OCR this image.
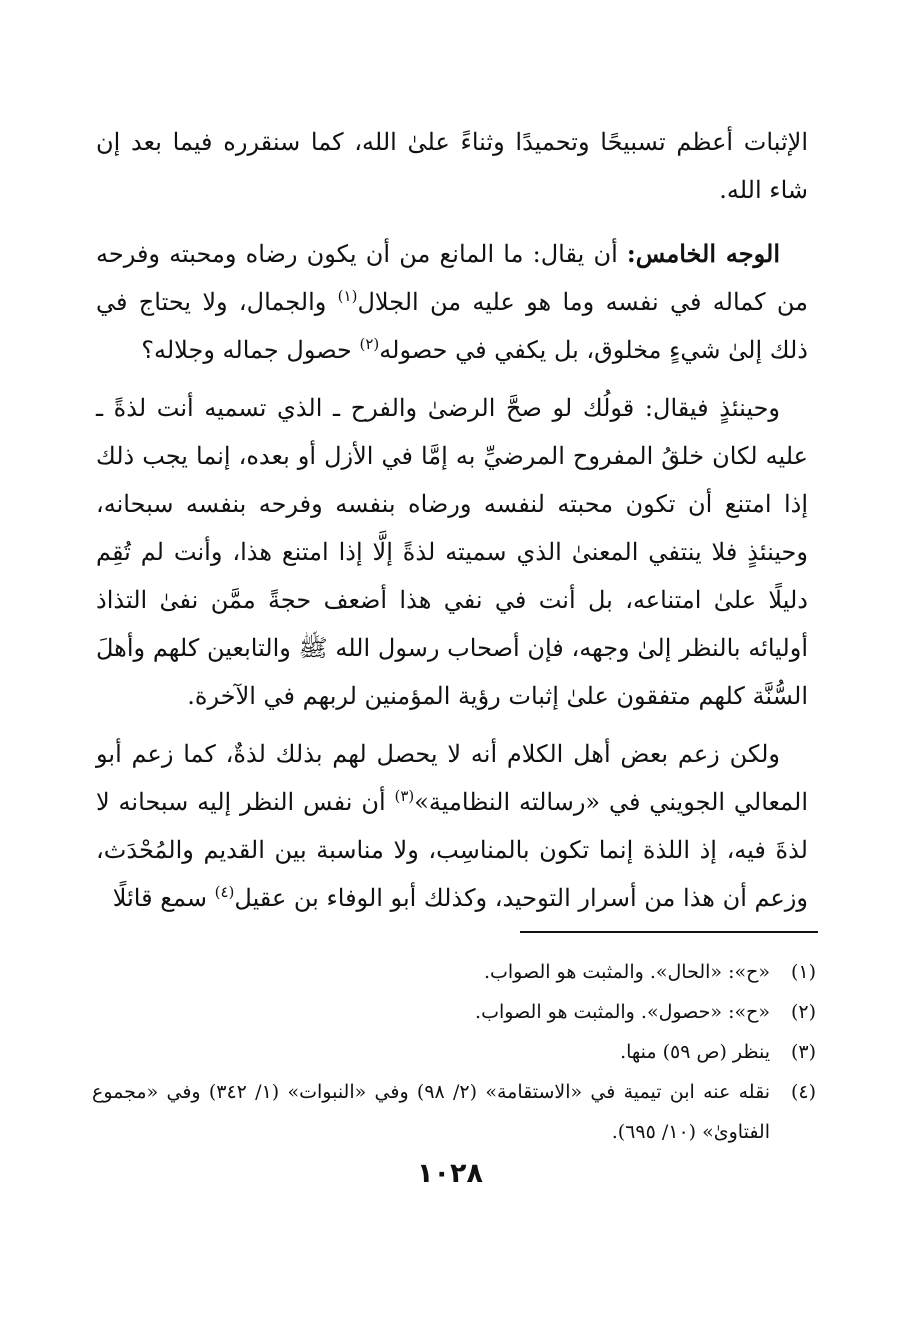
الإثبات أعظم تسبيحًا وتحميدًا وثناءً علىٰ الله، كما سنقرره فيما بعد إن شاء الله.

الوجه الخامس: أن يقال: ما المانع من أن يكون رضاه ومحبته وفرحه من كماله في نفسه وما هو عليه من الجلال$^{(١)}$ والجمال، ولا يحتاج في ذلك إلىٰ شيءٍ مخلوق، بل يكفي في حصوله$^{(٢)}$ حصول جماله وجلاله؟

وحينئذٍ فيقال: قولُك لو صحَّ الرضىٰ والفرح ـ الذي تسميه أنت لذةً ـ عليه لكان خلقُ المفروح المرضيِّ به إمَّا في الأزل أو بعده، إنما يجب ذلك إذا امتنع أن تكون محبته لنفسه ورضاه بنفسه وفرحه بنفسه سبحانه، وحينئذٍ فلا ينتفي المعنىٰ الذي سميته لذةً إلَّا إذا امتنع هذا، وأنت لم تُقِم دليلًا علىٰ امتناعه، بل أنت في نفي هذا أضعف حجةً ممَّن نفىٰ التذاذ أوليائه بالنظر إلىٰ وجهه، فإن أصحاب رسول الله ﷺ والتابعين كلهم وأهلَ السُّنَّة كلهم متفقون علىٰ إثبات رؤية المؤمنين لربهم في الآخرة.

ولكن زعم بعض أهل الكلام أنه لا يحصل لهم بذلك لذةٌ، كما زعم أبو المعالي الجويني في «رسالته النظامية»$^{(٣)}$ أن نفس النظر إليه سبحانه لا لذةَ فيه، إذ اللذة إنما تكون بالمناسِب، ولا مناسبة بين القديم والمُحْدَث، وزعم أن هذا من أسرار التوحيد، وكذلك أبو الوفاء بن عقيل$^{(٤)}$ سمع قائلًا

(١)
«ح»: «الحال». والمثبت هو الصواب.
(٢)
«ح»: «حصول». والمثبت هو الصواب.
(٣)
ينظر (ص ٥٩) منها.
(٤)
نقله عنه ابن تيمية في «الاستقامة» (٢/ ٩٨) وفي «النبوات» (١/ ٣٤٢) وفي «مجموع الفتاوىٰ» (١٠/ ٦٩٥).
١٠٢٨
